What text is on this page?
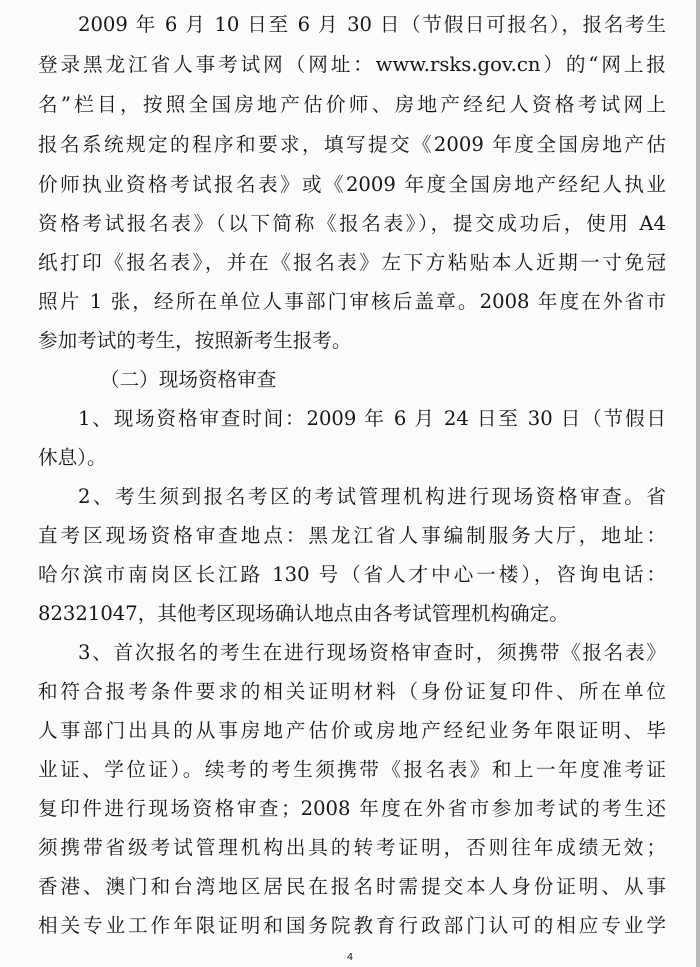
2009 年 6 月 10 日至 6 月 30 日（节假日可报名），报名考生
登录黑龙江省人事考试网（网址：www.rsks.gov.cn）的“网上报
名”栏目，按照全国房地产估价师、房地产经纪人资格考试网上
报名系统规定的程序和要求，填写提交《2009 年度全国房地产估
价师执业资格考试报名表》或《2009 年度全国房地产经纪人执业
资格考试报名表》（以下简称《报名表》），提交成功后，使用 A4
纸打印《报名表》，并在《报名表》左下方粘贴本人近期一寸免冠
照片 1 张，经所在单位人事部门审核后盖章。2008 年度在外省市
参加考试的考生，按照新考生报考。
（二）现场资格审查
1、现场资格审查时间：2009 年 6 月 24 日至 30 日（节假日
休息）。
2、考生须到报名考区的考试管理机构进行现场资格审查。省
直考区现场资格审查地点：黑龙江省人事编制服务大厅，地址：
哈尔滨市南岗区长江路 130 号（省人才中心一楼），咨询电话：
82321047，其他考区现场确认地点由各考试管理机构确定。
3、首次报名的考生在进行现场资格审查时，须携带《报名表》
和符合报考条件要求的相关证明材料（身份证复印件、所在单位
人事部门出具的从事房地产估价或房地产经纪业务年限证明、毕
业证、学位证）。续考的考生须携带《报名表》和上一年度准考证
复印件进行现场资格审查；2008 年度在外省市参加考试的考生还
须携带省级考试管理机构出具的转考证明，否则往年成绩无效；
香港、澳门和台湾地区居民在报名时需提交本人身份证明、从事
相关专业工作年限证明和国务院教育行政部门认可的相应专业学
4
